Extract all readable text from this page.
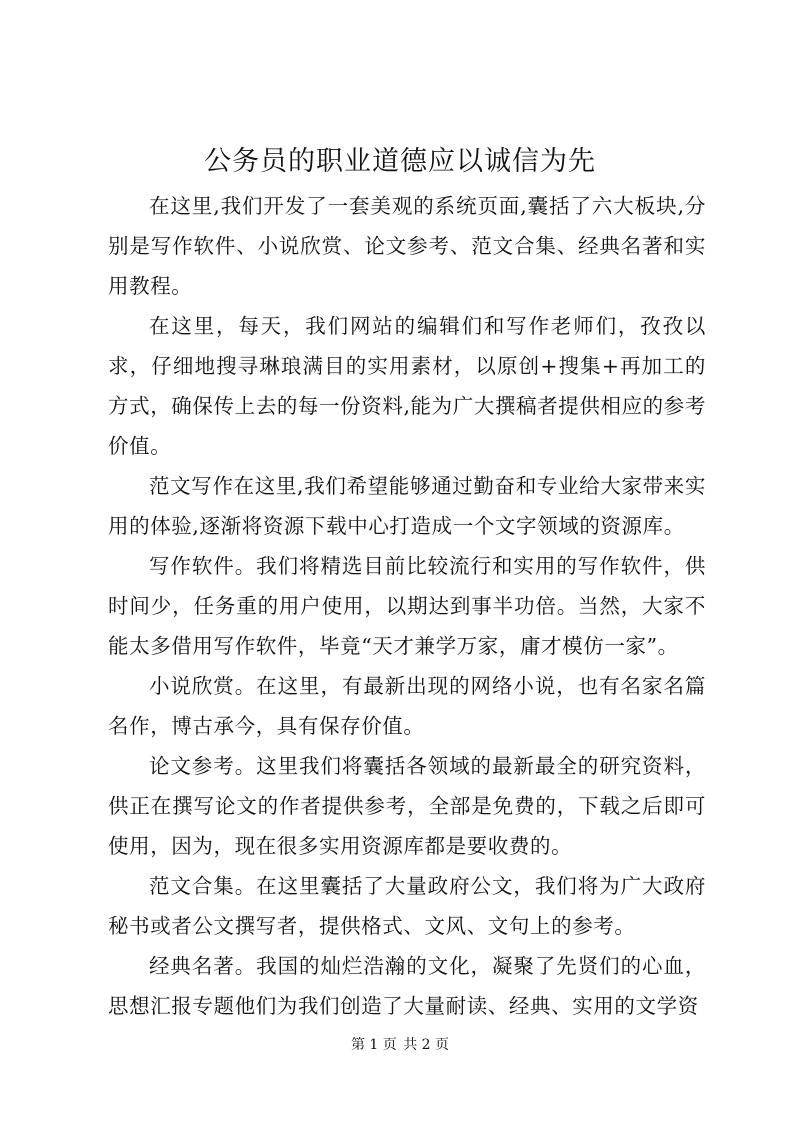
公务员的职业道德应以诚信为先

在这里,我们开发了一套美观的系统页面,囊括了六大板块,分别是写作软件、小说欣赏、论文参考、范文合集、经典名著和实用教程。

在这里，每天，我们网站的编辑们和写作老师们，孜孜以求，仔细地搜寻琳琅满目的实用素材，以原创+搜集+再加工的方式，确保传上去的每一份资料,能为广大撰稿者提供相应的参考价值。

范文写作在这里,我们希望能够通过勤奋和专业给大家带来实用的体验,逐渐将资源下载中心打造成一个文字领域的资源库。

写作软件。我们将精选目前比较流行和实用的写作软件，供时间少，任务重的用户使用，以期达到事半功倍。当然，大家不能太多借用写作软件，毕竟“天才兼学万家，庸才模仿一家”。

小说欣赏。在这里，有最新出现的网络小说，也有名家名篇名作，博古承今，具有保存价值。

论文参考。这里我们将囊括各领域的最新最全的研究资料，供正在撰写论文的作者提供参考，全部是免费的，下载之后即可使用，因为，现在很多实用资源库都是要收费的。

范文合集。在这里囊括了大量政府公文，我们将为广大政府秘书或者公文撰写者，提供格式、文风、文句上的参考。

经典名著。我国的灿烂浩瀚的文化，凝聚了先贤们的心血，思想汇报专题他们为我们创造了大量耐读、经典、实用的文学资

第 1 页 共 2 页
